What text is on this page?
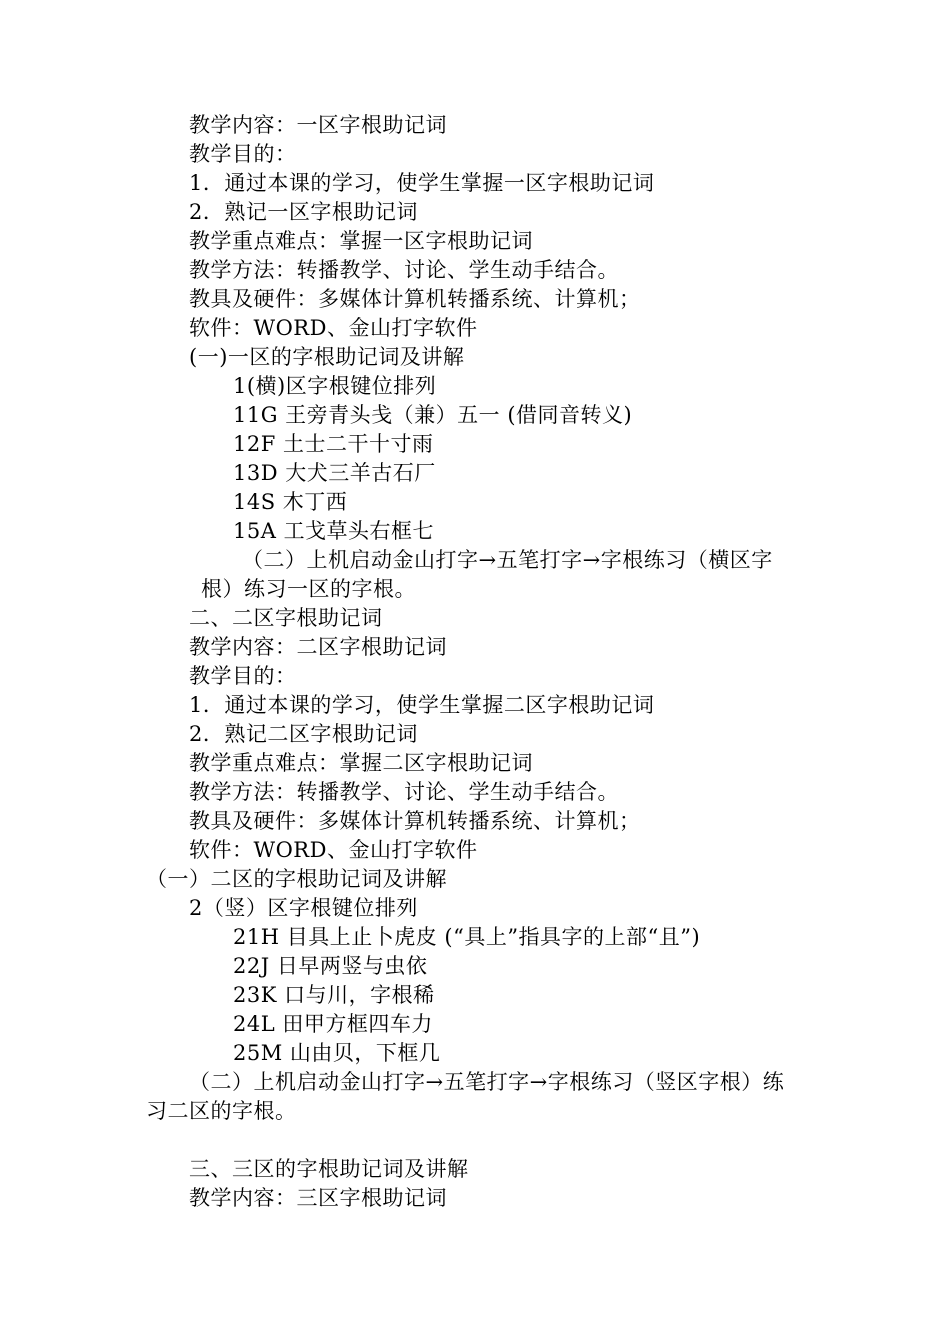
教学内容：一区字根助记词
教学目的：
1．通过本课的学习，使学生掌握一区字根助记词
2．熟记一区字根助记词
教学重点难点：掌握一区字根助记词
教学方法：转播教学、讨论、学生动手结合。
教具及硬件：多媒体计算机转播系统、计算机；
软件：WORD、金山打字软件
(一)一区的字根助记词及讲解
1(横)区字根键位排列
11G 王旁青头戋（兼）五一 (借同音转义)
12F 土士二干十寸雨
13D 大犬三羊古石厂
14S 木丁西
15A 工戈草头右框七
（二）上机启动金山打字→五笔打字→字根练习（横区字
根）练习一区的字根。
二、二区字根助记词
教学内容：二区字根助记词
教学目的：
1．通过本课的学习，使学生掌握二区字根助记词
2．熟记二区字根助记词
教学重点难点：掌握二区字根助记词
教学方法：转播教学、讨论、学生动手结合。
教具及硬件：多媒体计算机转播系统、计算机；
软件：WORD、金山打字软件
（一）二区的字根助记词及讲解
2（竖）区字根键位排列
21H 目具上止卜虎皮 (“具上”指具字的上部“且”)
22J 日早两竖与虫依
23K 口与川，字根稀
24L 田甲方框四车力
25M 山由贝，下框几
（二）上机启动金山打字→五笔打字→字根练习（竖区字根）练
习二区的字根。
三、三区的字根助记词及讲解
教学内容：三区字根助记词
